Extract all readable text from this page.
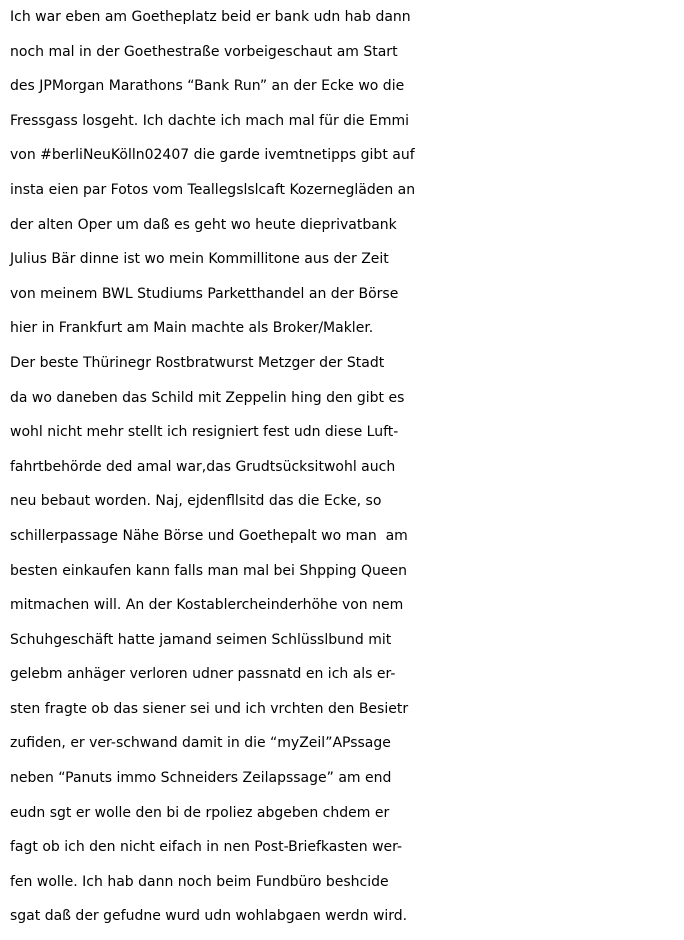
Ich war eben am Goetheplatz beid er bank udn hab dann
noch mal in der Goethestraße vorbeigeschaut am Start
des JPMorgan Marathons “Bank Run” an der Ecke wo die
Fressgass losgeht. Ich dachte ich mach mal für die Emmi
von #berliNeuKölln02407 die garde ivemtnetipps gibt auf
insta eien par Fotos vom Teallegslslcaft Kozernegläden an
der alten Oper um daß es geht wo heute dieprivatbank
Julius Bär dinne ist wo mein Kommillitone aus der Zeit
von meinem BWL Studiums Parketthandel an der Börse
hier in Frankfurt am Main machte als Broker/Makler.
Der beste Thürinegr Rostbratwurst Metzger der Stadt
da wo daneben das Schild mit Zeppelin hing den gibt es
wohl nicht mehr stellt ich resigniert fest udn diese Luft-
fahrtbehörde ded amal war,das Grudtsücksitwohl auch
neu bebaut worden. Naj, ejdenfllsitd das die Ecke, so
schillerpassage Nähe Börse und Goethepalt wo man  am
besten einkaufen kann falls man mal bei Shpping Queen
mitmachen will. An der Kostablercheinderhöhe von nem
Schuhgeschäft hatte jamand seimen Schlüsslbund mit
gelebm anhäger verloren udner passnatd en ich als er-
sten fragte ob das siener sei und ich vrchten den Besietr
zufiden, er ver-schwand damit in die “myZeil”APssage
neben “Panuts immo Schneiders Zeilapssage” am end
eudn sgt er wolle den bi de rpoliez abgeben chdem er
fagt ob ich den nicht eifach in nen Post-Briefkasten wer-
fen wolle. Ich hab dann noch beim Fundbüro beshcide
sgat daß der gefudne wurd udn wohlabgaen werdn wird.
